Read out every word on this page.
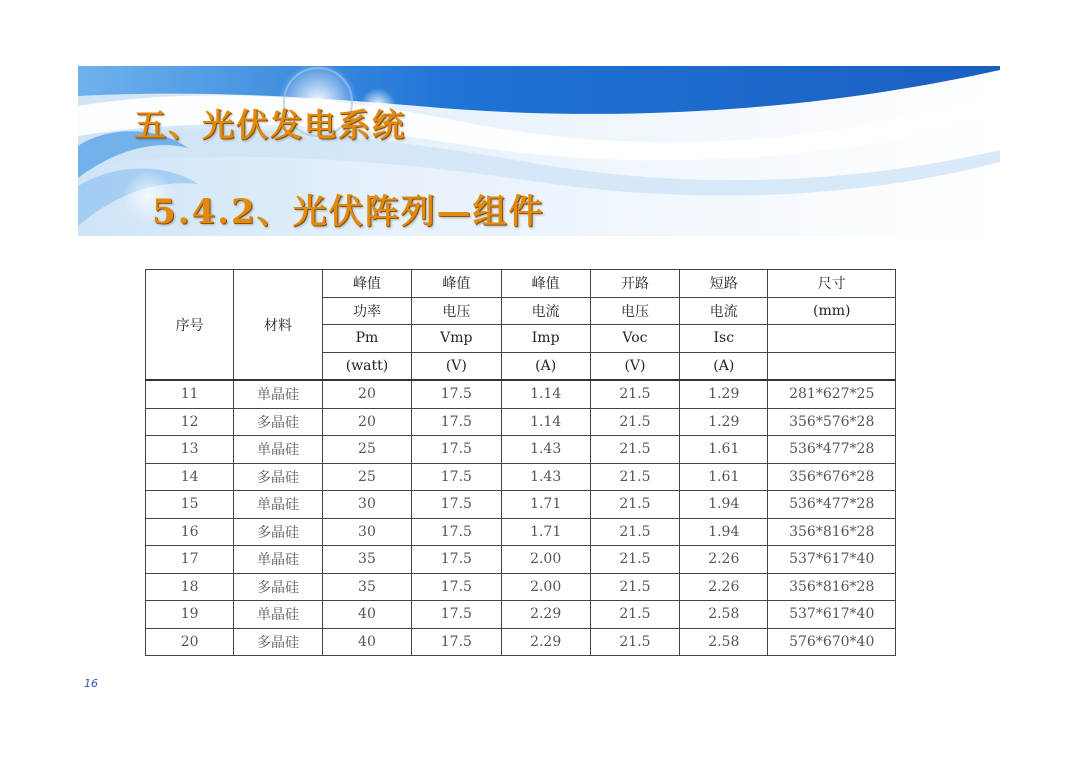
五、光伏发电系统
5.4.2、光伏阵列—组件
序号	材料	峰值	峰值	峰值	开路	短路	尺寸
		功率	电压	电流	电压	电流	(mm)
		Pm	Vmp	Imp	Voc	Isc	
		(watt)	(V)	(A)	(V)	(A)	
11	单晶硅	20	17.5	1.14	21.5	1.29	281*627*25
12	多晶硅	20	17.5	1.14	21.5	1.29	356*576*28
13	单晶硅	25	17.5	1.43	21.5	1.61	536*477*28
14	多晶硅	25	17.5	1.43	21.5	1.61	356*676*28
15	单晶硅	30	17.5	1.71	21.5	1.94	536*477*28
16	多晶硅	30	17.5	1.71	21.5	1.94	356*816*28
17	单晶硅	35	17.5	2.00	21.5	2.26	537*617*40
18	多晶硅	35	17.5	2.00	21.5	2.26	356*816*28
19	单晶硅	40	17.5	2.29	21.5	2.58	537*617*40
20	多晶硅	40	17.5	2.29	21.5	2.58	576*670*40
16
